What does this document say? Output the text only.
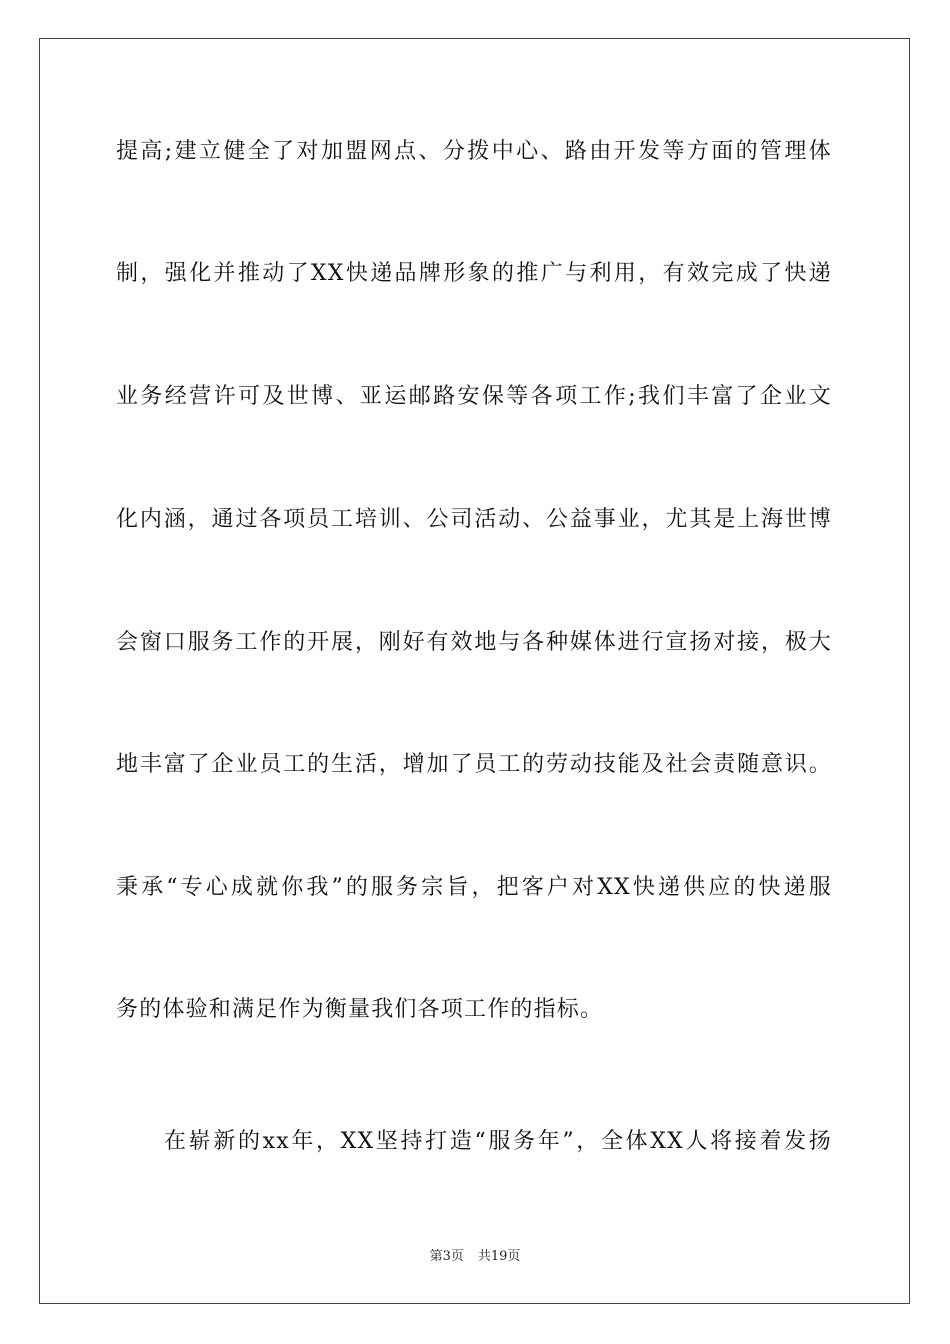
提高;建立健全了对加盟网点、分拨中心、路由开发等方面的管理体
制，强化并推动了XX快递品牌形象的推广与利用，有效完成了快递
业务经营许可及世博、亚运邮路安保等各项工作;我们丰富了企业文
化内涵，通过各项员工培训、公司活动、公益事业，尤其是上海世博
会窗口服务工作的开展，刚好有效地与各种媒体进行宣扬对接，极大
地丰富了企业员工的生活，增加了员工的劳动技能及社会责随意识。
秉承“专心成就你我”的服务宗旨，把客户对XX快递供应的快递服
务的体验和满足作为衡量我们各项工作的指标。
在崭新的xx年，XX坚持打造“服务年”，全体XX人将接着发扬
第3页 共19页
